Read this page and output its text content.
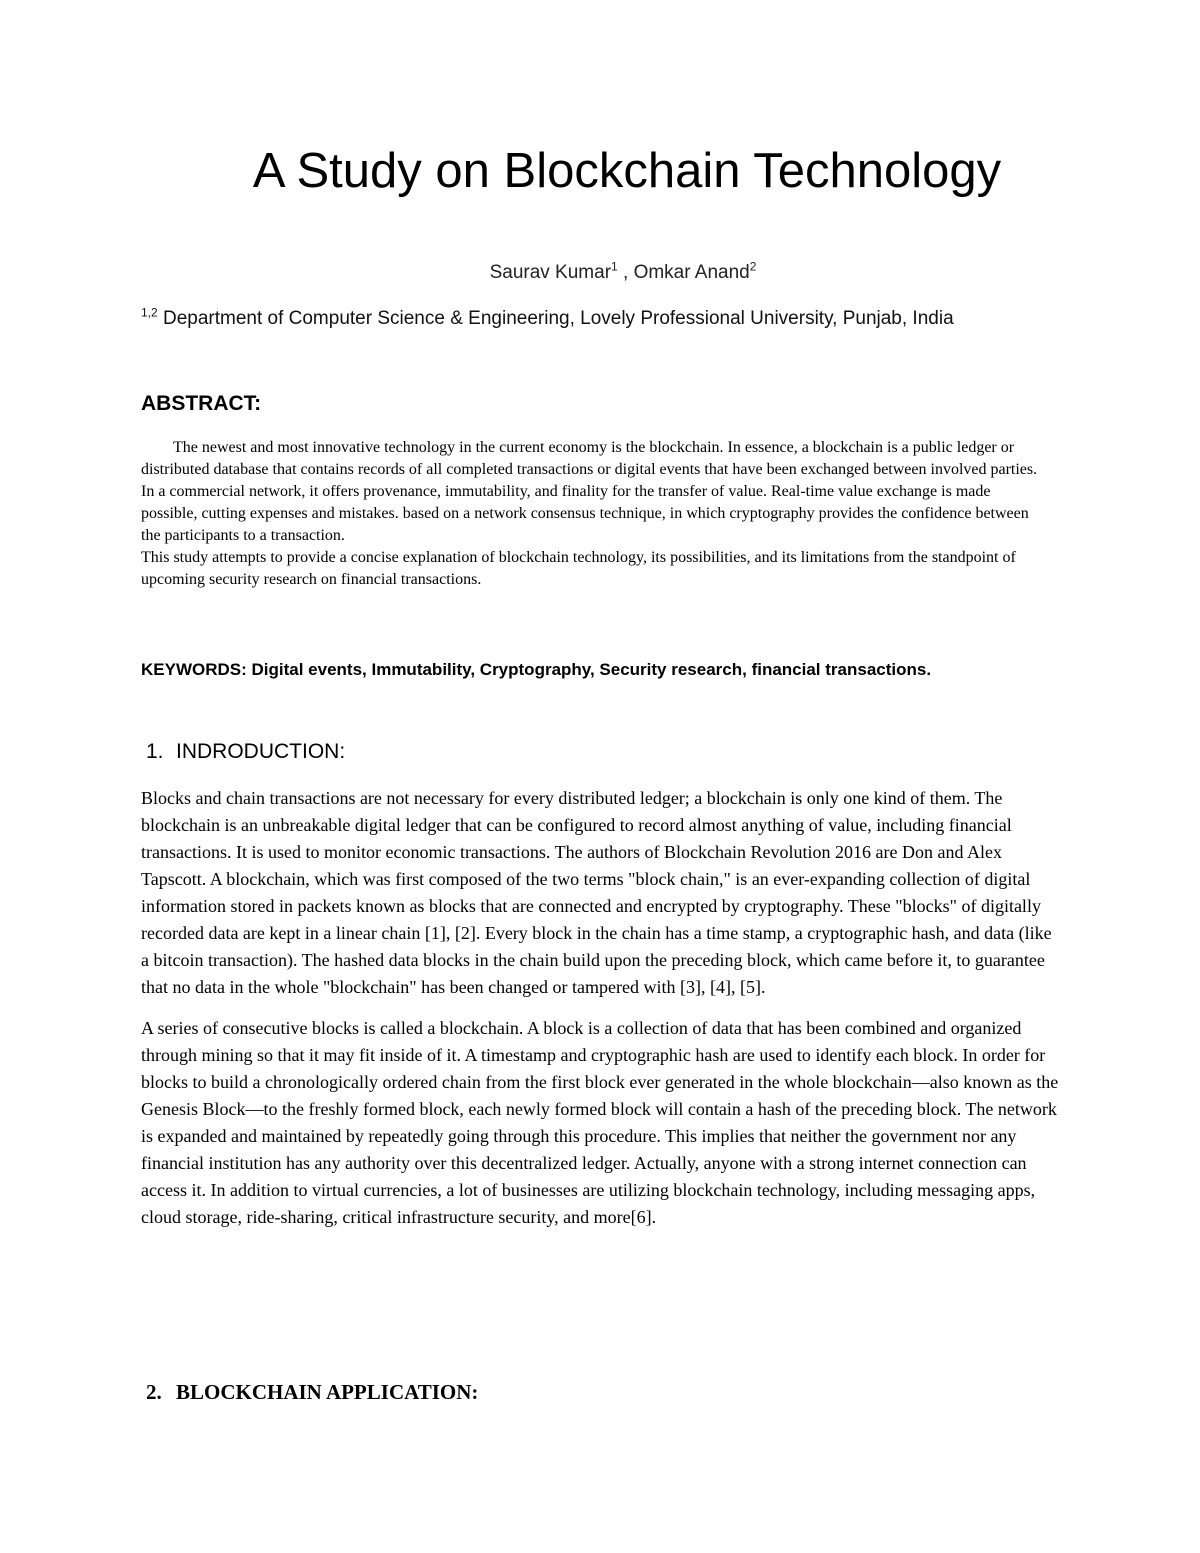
A Study on Blockchain Technology
Saurav Kumar$^1$ , Omkar Anand$^2$
$^{1,2}$ Department of Computer Science & Engineering, Lovely Professional University, Punjab, India
ABSTRACT:

The newest and most innovative technology in the current economy is the blockchain. In essence, a blockchain is a public ledger or distributed database that contains records of all completed transactions or digital events that have been exchanged between involved parties. In a commercial network, it offers provenance, immutability, and finality for the transfer of value. Real-time value exchange is made possible, cutting expenses and mistakes. based on a network consensus technique, in which cryptography provides the confidence between the participants to a transaction.

This study attempts to provide a concise explanation of blockchain technology, its possibilities, and its limitations from the standpoint of upcoming security research on financial transactions.

KEYWORDS: Digital events, Immutability, Cryptography, Security research, financial transactions.
1. INDRODUCTION:

Blocks and chain transactions are not necessary for every distributed ledger; a blockchain is only one kind of them. The blockchain is an unbreakable digital ledger that can be configured to record almost anything of value, including financial transactions. It is used to monitor economic transactions. The authors of Blockchain Revolution 2016 are Don and Alex Tapscott. A blockchain, which was first composed of the two terms "block chain," is an ever-expanding collection of digital information stored in packets known as blocks that are connected and encrypted by cryptography. These "blocks" of digitally recorded data are kept in a linear chain [1], [2]. Every block in the chain has a time stamp, a cryptographic hash, and data (like a bitcoin transaction). The hashed data blocks in the chain build upon the preceding block, which came before it, to guarantee that no data in the whole "blockchain" has been changed or tampered with [3], [4], [5].

A series of consecutive blocks is called a blockchain. A block is a collection of data that has been combined and organized through mining so that it may fit inside of it. A timestamp and cryptographic hash are used to identify each block. In order for blocks to build a chronologically ordered chain from the first block ever generated in the whole blockchain—also known as the Genesis Block—to the freshly formed block, each newly formed block will contain a hash of the preceding block. The network is expanded and maintained by repeatedly going through this procedure. This implies that neither the government nor any financial institution has any authority over this decentralized ledger. Actually, anyone with a strong internet connection can access it. In addition to virtual currencies, a lot of businesses are utilizing blockchain technology, including messaging apps, cloud storage, ride-sharing, critical infrastructure security, and more[6].

2. BLOCKCHAIN APPLICATION:
